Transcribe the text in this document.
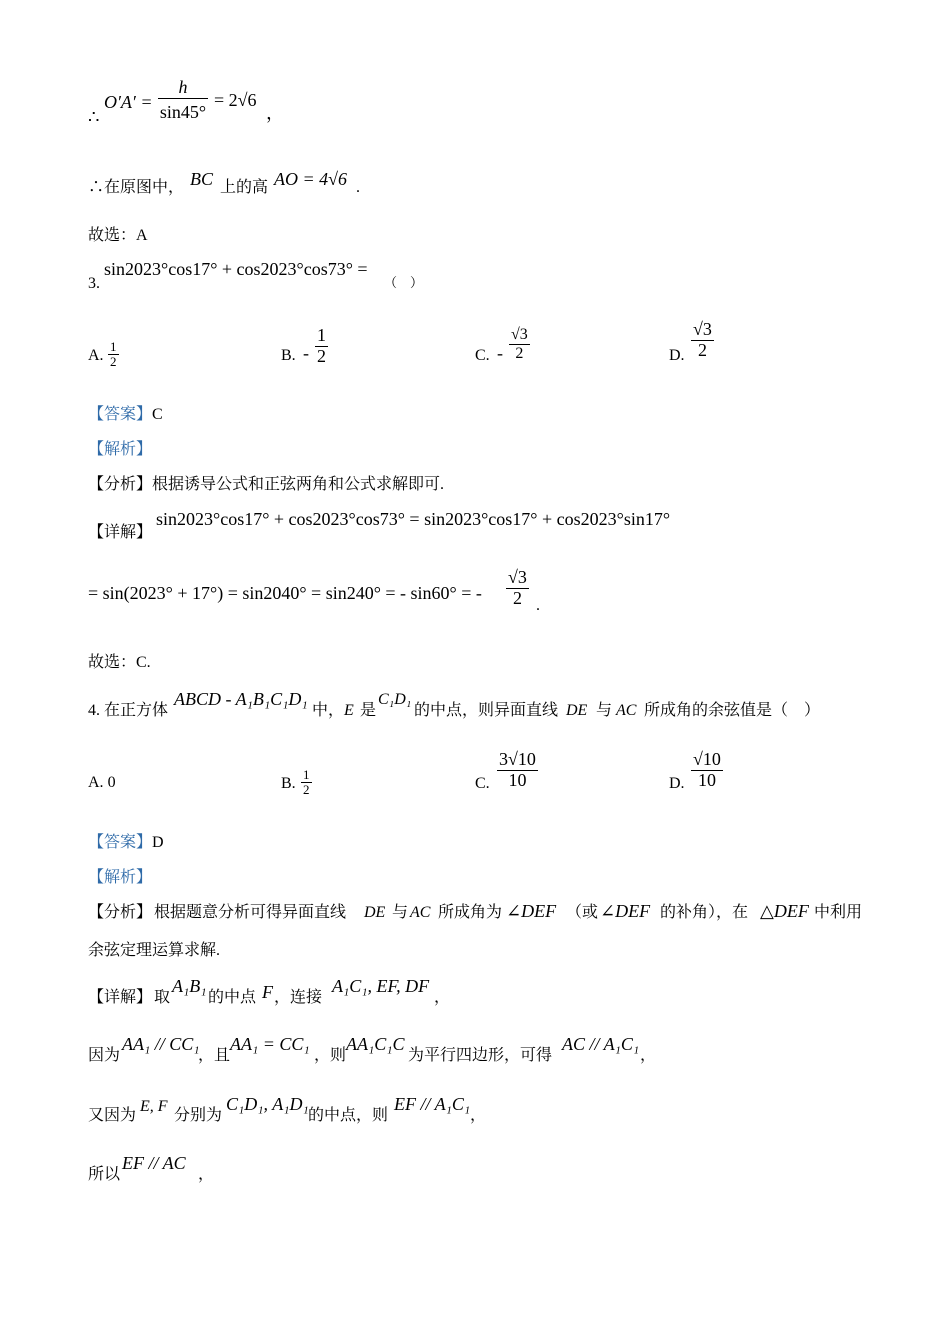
∴
$O'A' = \frac{h}{\sin 45^\circ} = 2√6$
，
∴在原图中， BC 上的高 AO = 4√6 .
故选：A
3.
sin2023°cos17° + cos2023°cos73° =
（　）
A. $\frac{1}{2}$	B. - $\frac{1}{2}$	C. - $\frac{√3}{2}$	D. $\frac{√3}{2}$
【答案】C
【解析】
【分析】根据诱导公式和正弦两角和公式求解即可.
【详解】
sin2023°cos17° + cos2023°cos73° = sin2023°cos17° + cos2023°sin17°
= sin(2023° + 17°) = sin2040° = sin240° = - sin60° = - $\frac{√3}{2}$ .
故选：C.
4. 在正方体
ABCD - A₁B₁C₁D₁
中， E 是
C₁D₁
的中点，则异面直线 DE 与 AC 所成角的余弦值是（　）
A. 0	B. $\frac{1}{2}$	C. $\frac{3√10}{10}$	D. $\frac{√10}{10}$
【答案】D
【解析】
【分析】 根据题意分析可得异面直线 DE 与 AC 所成角为 ∠DEF （或 ∠DEF 的补角），在 △DEF 中利用
余弦定理运算求解.
【详解】 取
A₁B₁
的中点 F ，连接
A₁C₁, EF, DF
，
因为
AA₁ // CC₁
，且
AA₁ = CC₁
，则
AA₁C₁C
为平行四边形，可得
AC // A₁C₁
，
又因为
E, F
分别为
C₁D₁, A₁D₁
的中点，则
EF // A₁C₁
，
所以
EF // AC
，
